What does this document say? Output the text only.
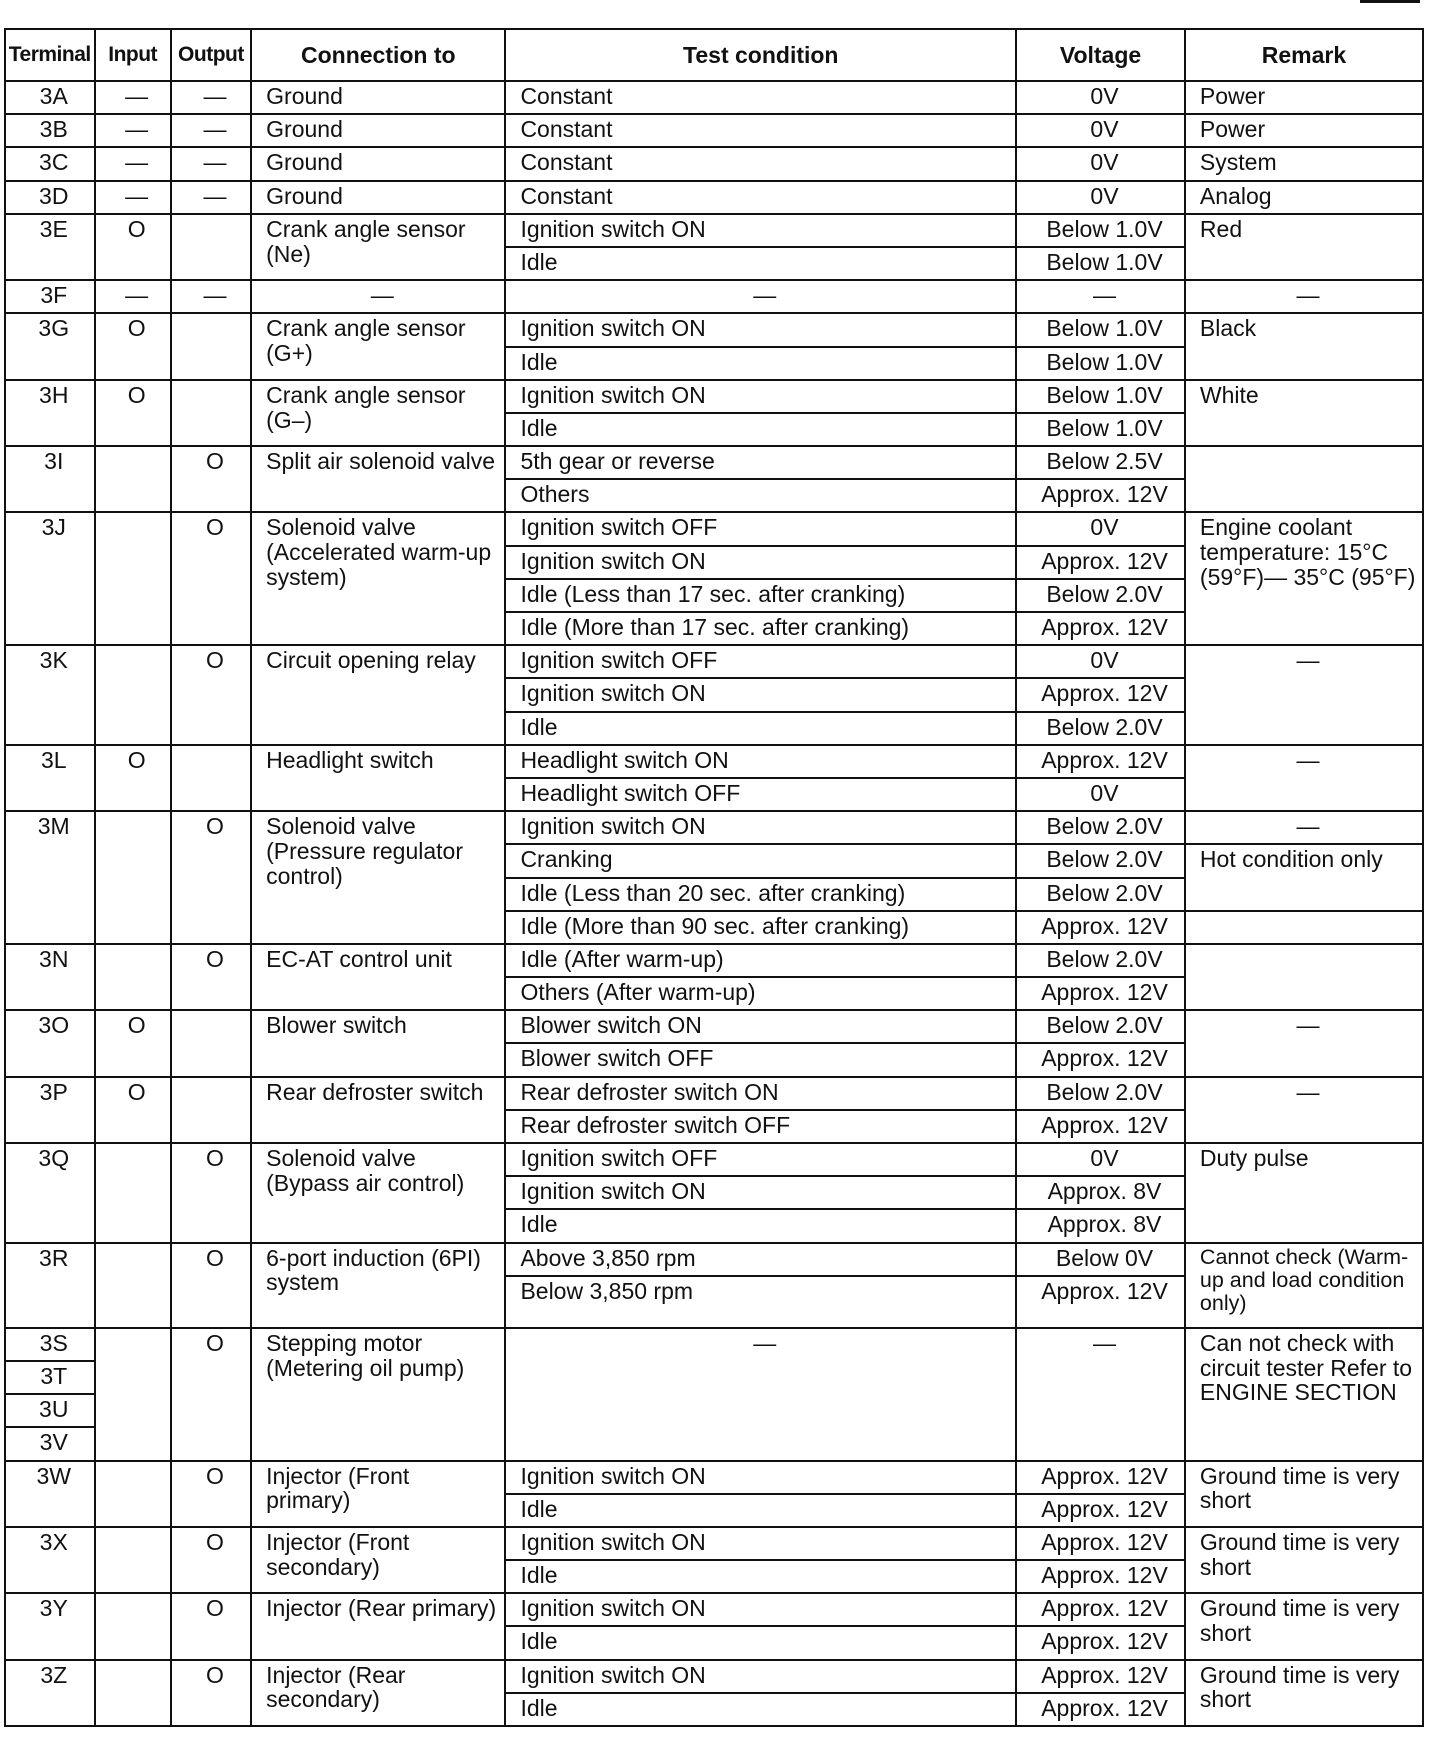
Terminal	Input	Output	Connection to	Test condition	Voltage	Remark
3A	—	—	Ground	Constant	0V	Power
3B	—	—	Ground	Constant	0V	Power
3C	—	—	Ground	Constant	0V	System
3D	—	—	Ground	Constant	0V	Analog
3E	O		Crank angle sensor (Ne)	Ignition switch ON	Below 1.0V	Red
				Idle	Below 1.0V	
3F	—	—	—	—	—	—
3G	O		Crank angle sensor (G+)	Ignition switch ON	Below 1.0V	Black
				Idle	Below 1.0V	
3H	O		Crank angle sensor (G–)	Ignition switch ON	Below 1.0V	White
				Idle	Below 1.0V	
3I		O	Split air solenoid valve	5th gear or reverse	Below 2.5V	
				Others	Approx. 12V	
3J		O	Solenoid valve (Accelerated warm-up system)	Ignition switch OFF	0V	Engine coolant temperature: 15°C (59°F)— 35°C (95°F)
				Ignition switch ON	Approx. 12V	
				Idle (Less than 17 sec. after cranking)	Below 2.0V	
				Idle (More than 17 sec. after cranking)	Approx. 12V	
3K		O	Circuit opening relay	Ignition switch OFF	0V	—
				Ignition switch ON	Approx. 12V	
				Idle	Below 2.0V	
3L	O		Headlight switch	Headlight switch ON	Approx. 12V	—
				Headlight switch OFF	0V	
3M		O	Solenoid valve (Pressure regulator control)	Ignition switch ON	Below 2.0V	—
				Cranking	Below 2.0V	Hot condition only
				Idle (Less than 20 sec. after cranking)	Below 2.0V	
				Idle (More than 90 sec. after cranking)	Approx. 12V	
3N		O	EC-AT control unit	Idle (After warm-up)	Below 2.0V	
				Others (After warm-up)	Approx. 12V	
3O	O		Blower switch	Blower switch ON	Below 2.0V	—
				Blower switch OFF	Approx. 12V	
3P	O		Rear defroster switch	Rear defroster switch ON	Below 2.0V	—
				Rear defroster switch OFF	Approx. 12V	
3Q		O	Solenoid valve (Bypass air control)	Ignition switch OFF	0V	Duty pulse
				Ignition switch ON	Approx. 8V	
				Idle	Approx. 8V	
3R		O	6-port induction (6PI) system	Above 3,850 rpm	Below 0V	Cannot check (Warm-up and load condition only)
				Below 3,850 rpm	Approx. 12V	
3S		O	Stepping motor (Metering oil pump)	—	—	Can not check with circuit tester Refer to ENGINE SECTION
3T						
3U						
3V						
3W		O	Injector (Front primary)	Ignition switch ON	Approx. 12V	Ground time is very short
				Idle	Approx. 12V	
3X		O	Injector (Front secondary)	Ignition switch ON	Approx. 12V	Ground time is very short
				Idle	Approx. 12V	
3Y		O	Injector (Rear primary)	Ignition switch ON	Approx. 12V	Ground time is very short
				Idle	Approx. 12V	
3Z		O	Injector (Rear secondary)	Ignition switch ON	Approx. 12V	Ground time is very short
				Idle	Approx. 12V	
